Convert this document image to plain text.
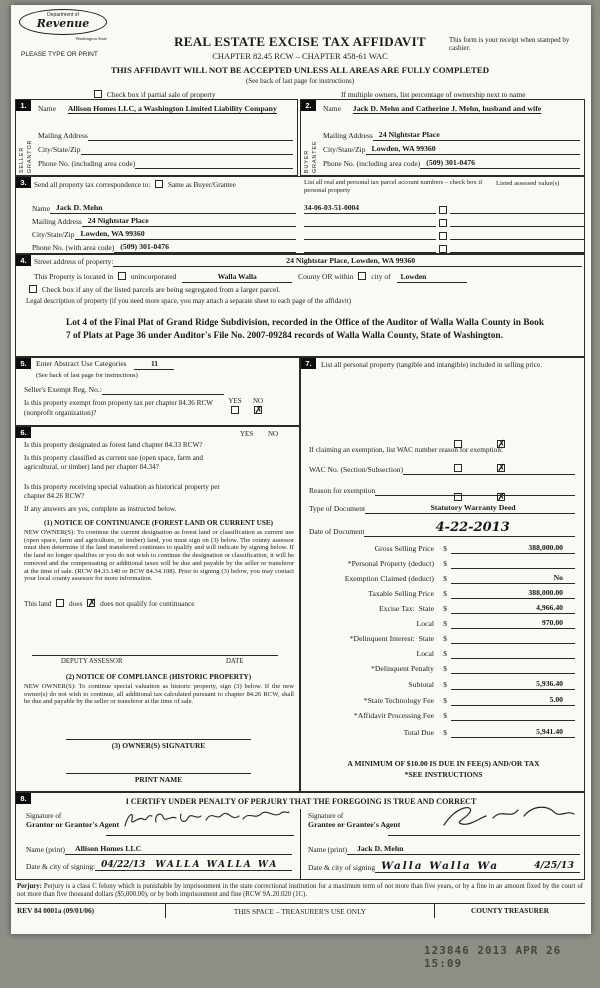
Department of
Revenue
Washington State
PLEASE TYPE OR PRINT
REAL ESTATE EXCISE TAX AFFIDAVIT
CHAPTER 82.45 RCW – CHAPTER 458-61 WAC
THIS AFFIDAVIT WILL NOT BE ACCEPTED UNLESS ALL AREAS ARE FULLY COMPLETED
(See back of last page for instructions)
This form is your receipt when stamped by cashier.
Check box if partial sale of property	If multiple owners, list percentage of ownership next to name
1.
SELLER GRANTOR
Name Allison Homes LLC, a Washington Limited Liability Company
Mailing Address
City/State/Zip
Phone No. (including area code)
2.
BUYER GRANTEE
Name Jack D. Mehn and Catherine J. Mehn, husband and wife
Mailing Address 24 Nightstar Place
City/State/Zip Lowden, WA 99360
Phone No. (including area code) (509) 301-0476
3.	Send all property tax correspondence to: Same as Buyer/Grantee	List all real and personal tax parcel account numbers – check box if personal property
Listed assessed value(s)
Name Jack D. Mehn
Mailing Address 24 Nightstar Place
City/State/Zip Lowden, WA 99360
Phone No. (with area code) (509) 301-0476
34-06-03-51-0004
4. Street address of property:	24 Nightstar Place, Lowden, WA 99360
This Property is located in unincorporated	Walla Walla	County OR within city of Lowden
Check box if any of the listed parcels are being segregated from a larger parcel.
Legal description of property (if you need more space, you may attach a separate sheet to each page of the affidavit)
Lot 4 of the Final Plat of Grand Ridge Subdivision, recorded in the Office of the Auditor of Walla Walla County in Book 7 of Plats at Page 36 under Auditor's File No. 2007-09284 records of Walla Walla County, State of Washington.
5.	Enter Abstract Use Categories	11
(See back of last page for instructions)
Seller's Exempt Reg. No.:
Is this property exempt from property tax per chapter 84.36 RCW (nonprofit organization)?
YES NO
✗
6.	YES NO
Is this property designated as forest land chapter 84.33 RCW?  ✗
Is this property classified as current use (open space, farm and agricultural, or timber) land per chapter 84.34?  ✗
Is this property receiving special valuation as historical property per chapter 84.26 RCW?  ✗
If any answers are yes, complete as instructed below.
(1) NOTICE OF CONTINUANCE (FOREST LAND OR CURRENT USE)
NEW OWNER(S): To continue the current designation as forest land or classification as current use (open space, farm and agriculture, or timber) land, you must sign on (3) below. The county assessor must then determine if the land transferred continues to qualify and will indicate by signing below. If the land no longer qualifies or you do not wish to continue the designation or classification, it will be removed and the compensating or additional taxes will be due and payable by the seller or transferor at the time of sale. (RCW 84.33.140 or RCW 84.34.108). Prior to signing (3) below, you may contact your local county assessor for more information.
This land does ✗ does not qualify for continuance
DEPUTY ASSESSOR	DATE
(2) NOTICE OF COMPLIANCE (HISTORIC PROPERTY)
NEW OWNER(S): To continue special valuation as historic property, sign (3) below. If the new owner(s) do not wish to continue, all additional tax calculated pursuant to chapter 84.26 RCW, shall be due and payable by the seller or transferor at the time of sale.
(3) OWNER(S) SIGNATURE
PRINT NAME
7.	List all personal property (tangible and intangible) included in selling price.
If claiming an exemption, list WAC number reason for exemption:
WAC No. (Section/Subsection)
Reason for exemption
Type of Document	Statutory Warranty Deed
Date of Document	4-22-2013
Gross Selling Price	$	388,000.00
*Personal Property (deduct)	$
Exemption Claimed (deduct)	$	No
Taxable Selling Price	$	388,000.00
Excise Tax:  State	$	4,966.40
Local	$	970.00
*Delinquent Interest:  State	$
Local	$
*Delinquent Penalty	$
Subtotal	$	5,936.40
*State Technology Fee	$	5.00
*Affidavit Processing Fee	$
Total Due	$	5,941.40
A MINIMUM OF $10.00 IS DUE IN FEE(S) AND/OR TAX
*SEE INSTRUCTIONS
8.	I CERTIFY UNDER PENALTY OF PERJURY THAT THE FOREGOING IS TRUE AND CORRECT
Signature of
Grantor or Grantor's Agent
Name (print)	Allison Homes LLC
Date & city of signing: 04/22/13 WALLA WALLA WA
Signature of
Grantee or Grantee's Agent
Name (print)	Jack D. Mehn
Date & city of signing Walla Walla Wa	4/25/13
Perjury: Perjury is a class C felony which is punishable by imprisonment in the state correctional institution for a maximum term of not more than five years, or by a fine in an amount fixed by the court of not more than five thousand dollars ($5,000.00), or by both imprisonment and fine (RCW 9A.20.020 (1C).
REV 84 0001a (09/01/06)	THIS SPACE – TREASURER'S USE ONLY	COUNTY TREASURER
123846 2013 APR 26 15:09
